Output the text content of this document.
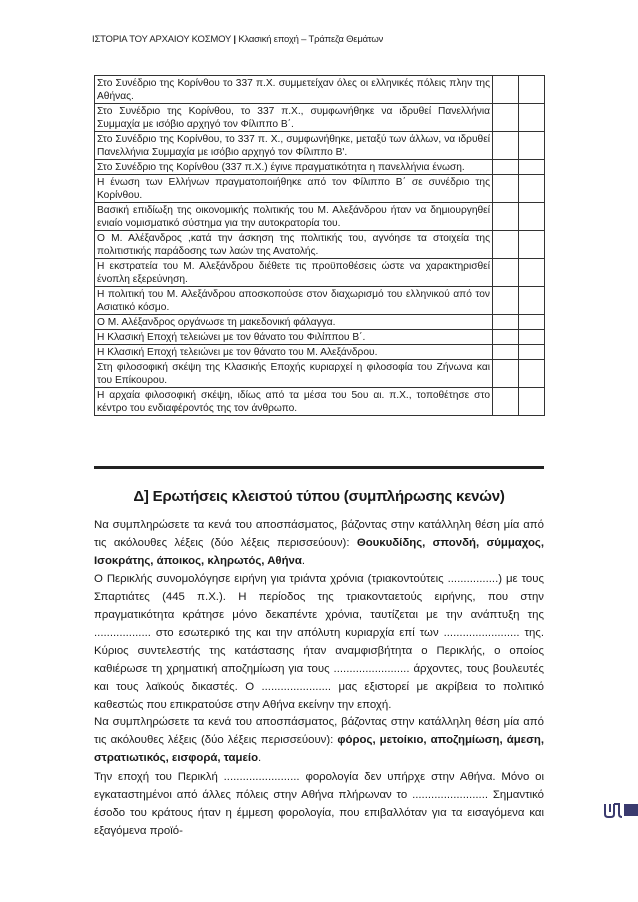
ΙΣΤΟΡΙΑ ΤΟΥ ΑΡΧΑΙΟΥ ΚΟΣΜΟΥ | Κλασική εποχή – Τράπεζα Θεμάτων
Στο Συνέδριο της Κορίνθου το 337 π.Χ. συμμετείχαν όλες οι ελληνικές πόλεις πλην της Αθήνας.		
Στο Συνέδριο της Κορίνθου, το 337 π.Χ., συμφωνήθηκε να ιδρυθεί Πανελλήνια Συμμαχία με ισόβιο αρχηγό τον Φίλιππο Β΄.		
Στο Συνέδριο της Κορίνθου, το 337 π. Χ., συμφωνήθηκε, μεταξύ των άλλων, να ιδρυθεί Πανελλήνια Συμμαχία με ισόβιο αρχηγό τον Φίλιππο Β'.		
Στο Συνέδριο της Κορίνθου (337 π.Χ.) έγινε πραγματικότητα η πανελλήνια ένωση.		
Η ένωση των Ελλήνων πραγματοποιήθηκε από τον Φίλιππο Β΄ σε συνέδριο της Κορίνθου.		
Βασική επιδίωξη της οικονομικής πολιτικής του Μ. Αλεξάνδρου ήταν να δημιουργηθεί ενιαίο νομισματικό σύστημα για την αυτοκρατορία του.		
Ο Μ. Αλέξανδρος ,κατά την άσκηση της πολιτικής του, αγνόησε τα στοιχεία της πολιτιστικής παράδοσης των λαών της Ανατολής.		
Η εκστρατεία του Μ. Αλεξάνδρου διέθετε τις προϋποθέσεις ώστε να χαρακτηρισθεί ένοπλη εξερεύνηση.		
Η πολιτική του Μ. Αλεξάνδρου αποσκοπούσε στον διαχωρισμό του ελληνικού από τον Ασιατικό κόσμο.		
Ο Μ. Αλέξανδρος οργάνωσε τη μακεδονική φάλαγγα.		
Η Κλασική Εποχή τελειώνει με τον θάνατο του Φιλίππου Β΄.		
Η Κλασική Εποχή τελειώνει με τον θάνατο του Μ. Αλεξάνδρου.		
Στη φιλοσοφική σκέψη της Κλασικής Εποχής κυριαρχεί η φιλοσοφία του Ζήνωνα και του Επίκουρου.		
Η αρχαία φιλοσοφική σκέψη, ιδίως από τα μέσα του 5ου αι. π.Χ., τοποθέτησε στο κέντρο του ενδιαφέροντός της τον άνθρωπο.		
Δ] Ερωτήσεις κλειστού τύπου (συμπλήρωσης κενών)

Να συμπληρώσετε τα κενά του αποσπάσματος, βάζοντας στην κατάλληλη θέση μία από τις ακόλουθες λέξεις (δύο λέξεις περισσεύουν): Θουκυδίδης, σπονδή, σύμμαχος, Ισοκράτης, άποικος, κληρωτός, Αθήνα.

Ο Περικλής συνομολόγησε ειρήνη για τριάντα χρόνια (τριακοντούτεις ................) με τους Σπαρτιάτες (445 π.Χ.). Η περίοδος της τριακονταετούς ειρήνης, που στην πραγματικότητα κράτησε μόνο δεκαπέντε χρόνια, ταυτίζεται με την ανάπτυξη της .................. στο εσωτερικό της και την απόλυτη κυριαρχία επί των ........................ της. Κύριος συντελεστής της κατάστασης ήταν αναμφισβήτητα ο Περικλής, ο οποίος καθιέρωσε τη χρηματική αποζημίωση για τους ........................ άρχοντες, τους βουλευτές και τους λαϊκούς δικαστές. Ο ...................... μας εξιστορεί με ακρίβεια το πολιτικό καθεστώς που επικρατούσε στην Αθήνα εκείνην την εποχή.

Να συμπληρώσετε τα κενά του αποσπάσματος, βάζοντας στην κατάλληλη θέση μία από τις ακόλουθες λέξεις (δύο λέξεις περισσεύουν): φόρος, μετοίκιο, αποζημίωση, άμεση, στρατιωτικός, εισφορά, ταμείο.

Την εποχή του Περικλή ........................ φορολογία δεν υπήρχε στην Αθήνα. Μόνο οι εγκαταστημένοι από άλλες πόλεις στην Αθήνα πλήρωναν το ........................ Σημαντικό έσοδο του κράτους ήταν η έμμεση φορολογία, που επιβαλλόταν για τα εισαγόμενα και εξαγόμενα προϊό-
